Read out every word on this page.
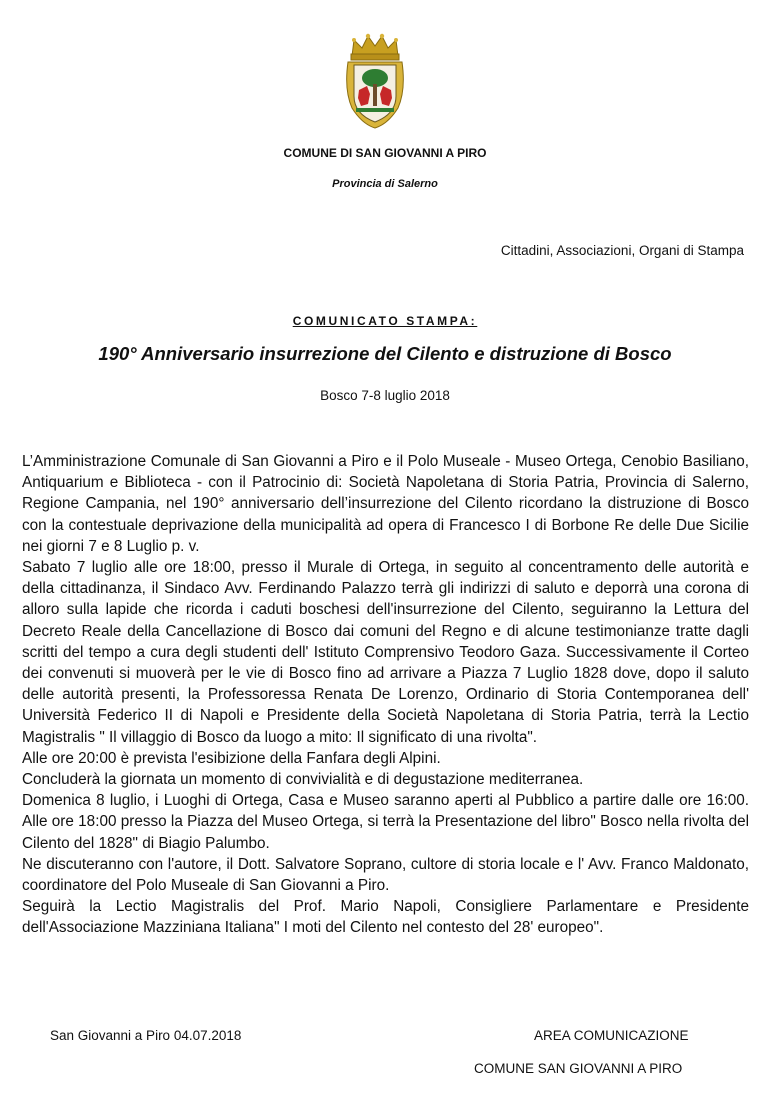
COMUNE DI SAN GIOVANNI A PIRO
Provincia di Salerno
Cittadini, Associazioni, Organi di Stampa
COMUNICATO STAMPA:
190° Anniversario insurrezione del Cilento e distruzione di Bosco
Bosco 7-8 luglio 2018

L’Amministrazione Comunale di San Giovanni a Piro e il Polo Museale - Museo Ortega, Cenobio Basiliano, Antiquarium e Biblioteca - con il Patrocinio di: Società Napoletana di Storia Patria, Provincia di Salerno, Regione Campania, nel 190° anniversario dell’insurrezione del Cilento ricordano la distruzione di Bosco con la contestuale deprivazione della municipalità ad opera di Francesco I di Borbone Re delle Due Sicilie nei giorni 7 e 8 Luglio p. v.

Sabato 7 luglio alle ore 18:00, presso il Murale di Ortega, in seguito al concentramento delle autorità e della cittadinanza, il Sindaco Avv. Ferdinando Palazzo terrà gli indirizzi di saluto e deporrà una corona di alloro sulla lapide che ricorda i caduti boschesi dell'insurrezione del Cilento, seguiranno la Lettura del Decreto Reale della Cancellazione di Bosco dai comuni del Regno e di alcune testimonianze tratte dagli scritti del tempo a cura degli studenti dell' Istituto Comprensivo Teodoro Gaza. Successivamente il Corteo dei convenuti si muoverà per le vie di Bosco fino ad arrivare a Piazza 7 Luglio 1828 dove, dopo il saluto delle autorità presenti, la Professoressa Renata De Lorenzo, Ordinario di Storia Contemporanea dell' Università Federico II di Napoli e Presidente della Società Napoletana di Storia Patria, terrà la Lectio Magistralis " Il villaggio di Bosco da luogo a mito: Il significato di una rivolta".

Alle ore 20:00 è prevista l'esibizione della Fanfara degli Alpini.

Concluderà la giornata un momento di convivialità e di degustazione mediterranea.

Domenica 8 luglio, i Luoghi di Ortega, Casa e Museo saranno aperti al Pubblico a partire dalle ore 16:00. Alle ore 18:00 presso la Piazza del Museo Ortega, si terrà la Presentazione del libro" Bosco nella rivolta del Cilento del 1828" di Biagio Palumbo.

Ne discuteranno con l'autore, il Dott. Salvatore Soprano, cultore di storia locale e l' Avv. Franco Maldonato, coordinatore del Polo Museale di San Giovanni a Piro.

Seguirà la Lectio Magistralis del Prof. Mario Napoli, Consigliere Parlamentare e Presidente dell'Associazione Mazziniana Italiana" I moti del Cilento nel contesto del 28' europeo".

San Giovanni a Piro 04.07.2018	AREA COMUNICAZIONE
COMUNE SAN GIOVANNI A PIRO
